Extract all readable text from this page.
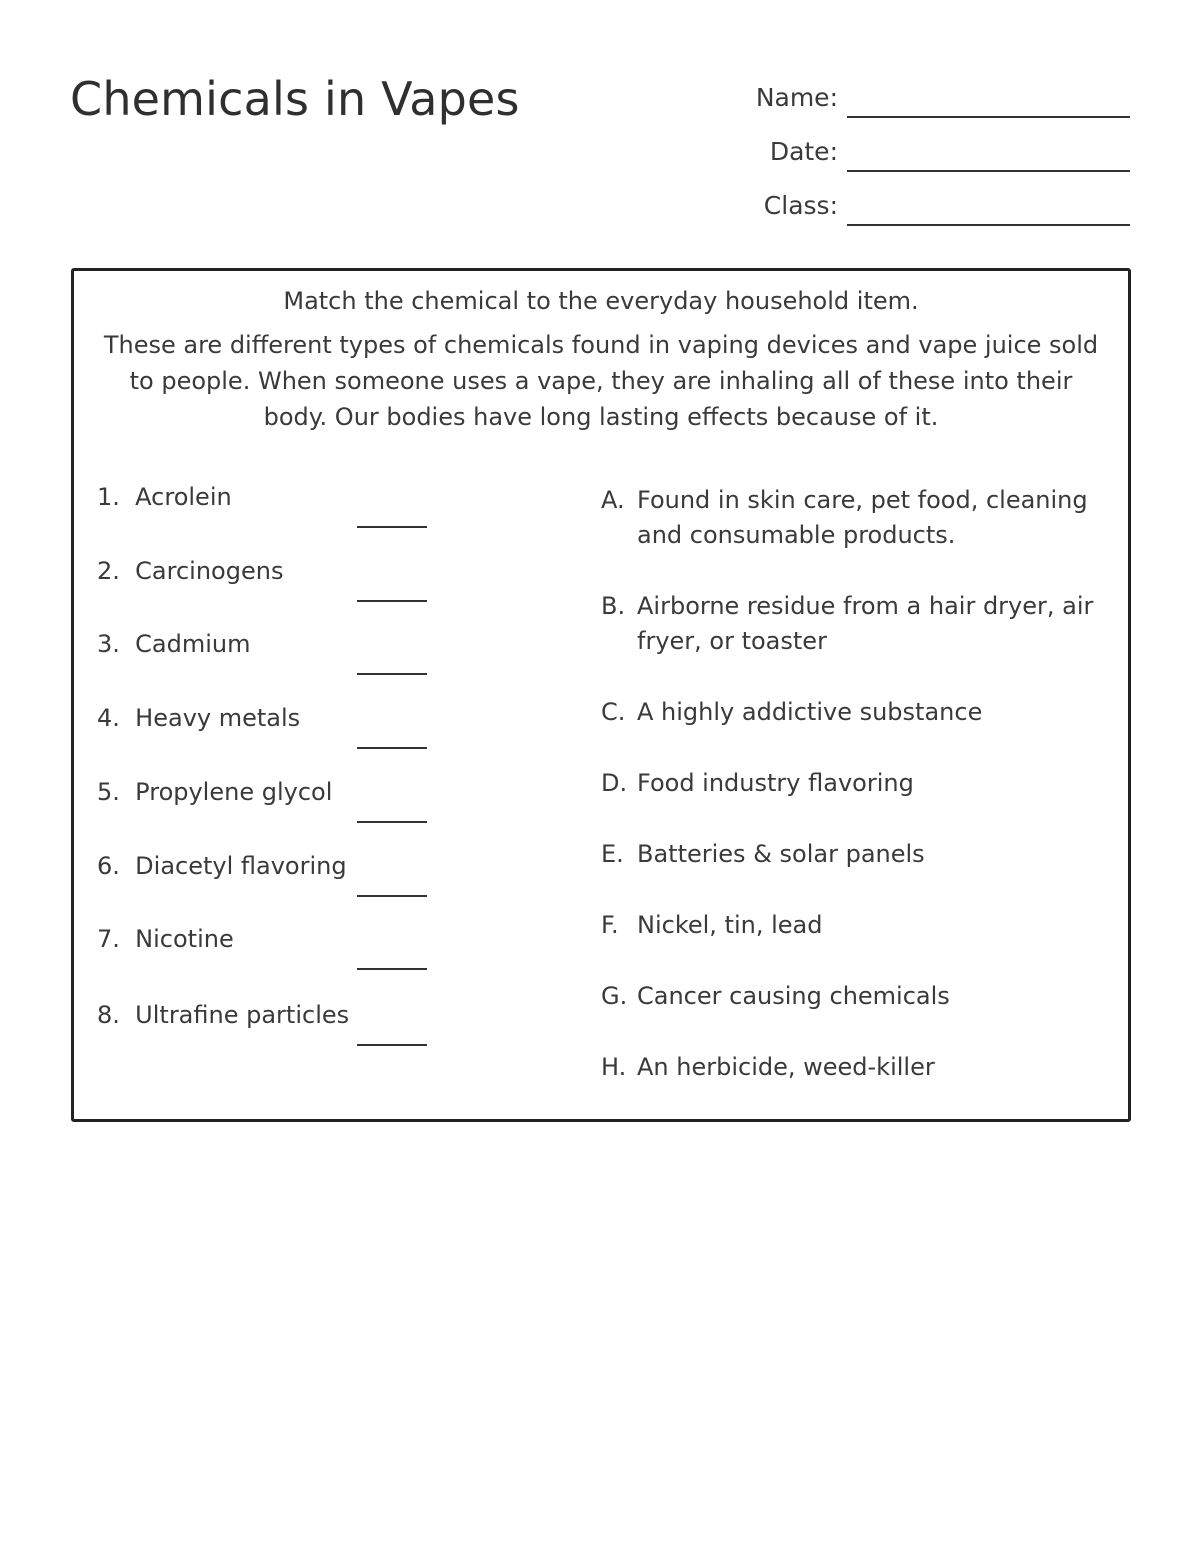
Chemicals in Vapes	Name:
Date:
Class:
Match the chemical to the everyday household item.
These are different types of chemicals found in vaping devices and vape juice sold to people. When someone uses a vape, they are inhaling all of these into their body. Our bodies have long lasting effects because of it.
1. Acrolein
2. Carcinogens
3. Cadmium
4. Heavy metals
5. Propylene glycol
6. Diacetyl flavoring
7. Nicotine
8. Ultrafine particles
A. Found in skin care, pet food, cleaning and consumable products.
B. Airborne residue from a hair dryer, air fryer, or toaster
C. A highly addictive substance
D. Food industry flavoring
E. Batteries & solar panels
F. Nickel, tin, lead
G. Cancer causing chemicals
H. An herbicide, weed-killer
